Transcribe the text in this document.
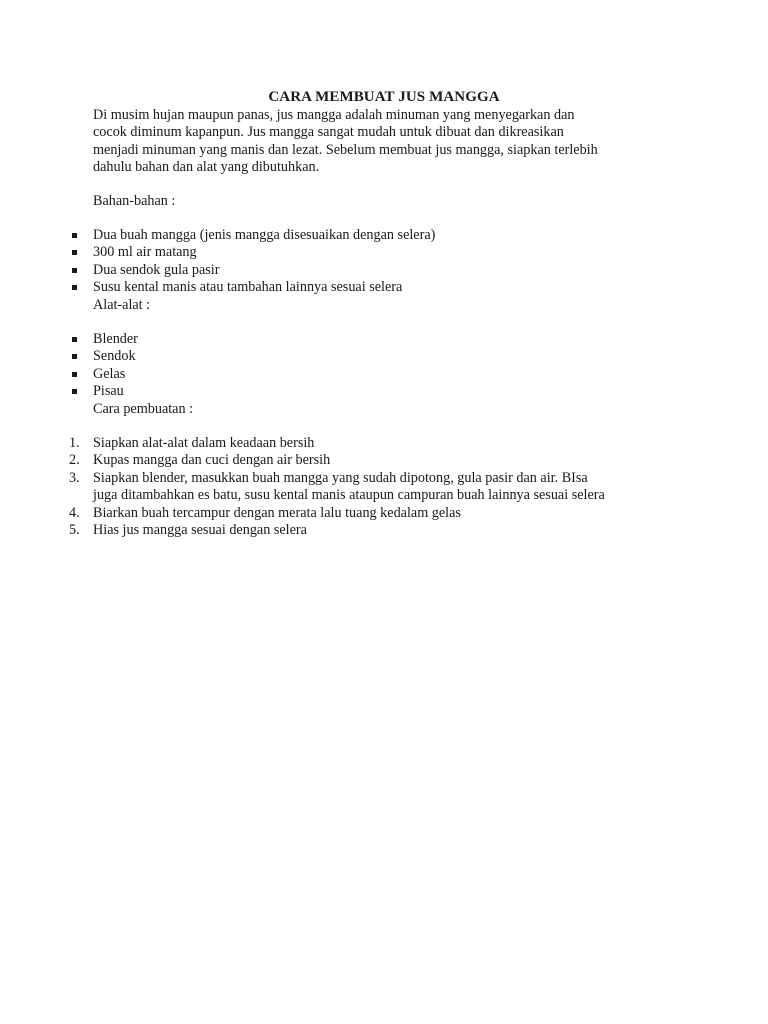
CARA MEMBUAT JUS MANGGA

Di musim hujan maupun panas, jus mangga adalah minuman yang menyegarkan dan

cocok diminum kapanpun. Jus mangga sangat mudah untuk dibuat dan dikreasikan

menjadi minuman yang manis dan lezat. Sebelum membuat jus mangga, siapkan terlebih

dahulu bahan dan alat yang dibutuhkan.

Bahan-bahan :
Dua buah mangga (jenis mangga disesuaikan dengan selera)
300 ml air matang
Dua sendok gula pasir
Susu kental manis atau tambahan lainnya sesuai selera
Alat-alat :
Blender
Sendok
Gelas
Pisau
Cara pembuatan :
1. Siapkan alat-alat dalam keadaan bersih
2. Kupas mangga dan cuci dengan air bersih
3. Siapkan blender, masukkan buah mangga yang sudah dipotong, gula pasir dan air. BIsa
juga ditambahkan es batu, susu kental manis ataupun campuran buah lainnya sesuai selera
4. Biarkan buah tercampur dengan merata lalu tuang kedalam gelas
5. Hias jus mangga sesuai dengan selera
